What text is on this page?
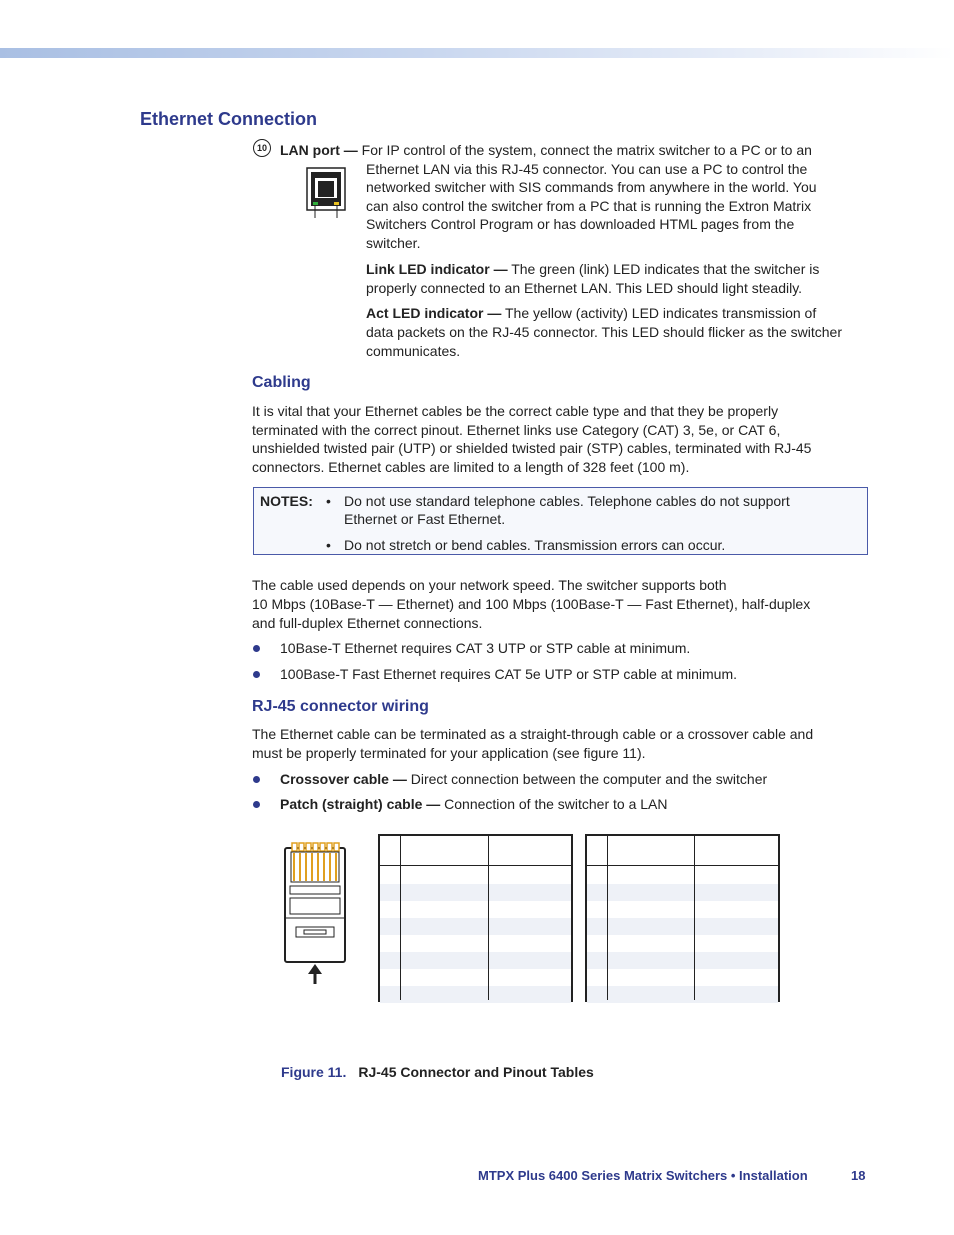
Ethernet Connection
10 LAN port — For IP control of the system, connect the matrix switcher to a PC or to an

Ethernet LAN via this RJ-45 connector. You can use a PC to control the

networked switcher with SIS commands from anywhere in the world. You

can also control the switcher from a PC that is running the Extron Matrix

Switchers Control Program or has downloaded HTML pages from the

switcher.

Link LED indicator — The green (link) LED indicates that the switcher is

properly connected to an Ethernet LAN. This LED should light steadily.

Act LED indicator — The yellow (activity) LED indicates transmission of

data packets on the RJ-45 connector. This LED should flicker as the switcher

communicates.

Cabling

It is vital that your Ethernet cables be the correct cable type and that they be properly

terminated with the correct pinout. Ethernet links use Category (CAT) 3, 5e, or CAT 6,

unshielded twisted pair (UTP) or shielded twisted pair (STP) cables, terminated with RJ-45

connectors. Ethernet cables are limited to a length of 328 feet (100 m).

NOTES: • Do not use standard telephone cables. Telephone cables do not support
Ethernet or Fast Ethernet.
• Do not stretch or bend cables. Transmission errors can occur.

The cable used depends on your network speed. The switcher supports both

10 Mbps (10Base-T — Ethernet) and 100 Mbps (100Base-T — Fast Ethernet), half-duplex

and full-duplex Ethernet connections.

10Base-T Ethernet requires CAT 3 UTP or STP cable at minimum.
100Base-T Fast Ethernet requires CAT 5e UTP or STP cable at minimum.
RJ-45 connector wiring

The Ethernet cable can be terminated as a straight-through cable or a crossover cable and

must be properly terminated for your application (see figure 11).

Crossover cable — Direct connection between the computer and the switcher
Patch (straight) cable — Connection of the switcher to a LAN
Figure 11. RJ-45 Connector and Pinout Tables
MTPX Plus 6400 Series Matrix Switchers • Installation	18
